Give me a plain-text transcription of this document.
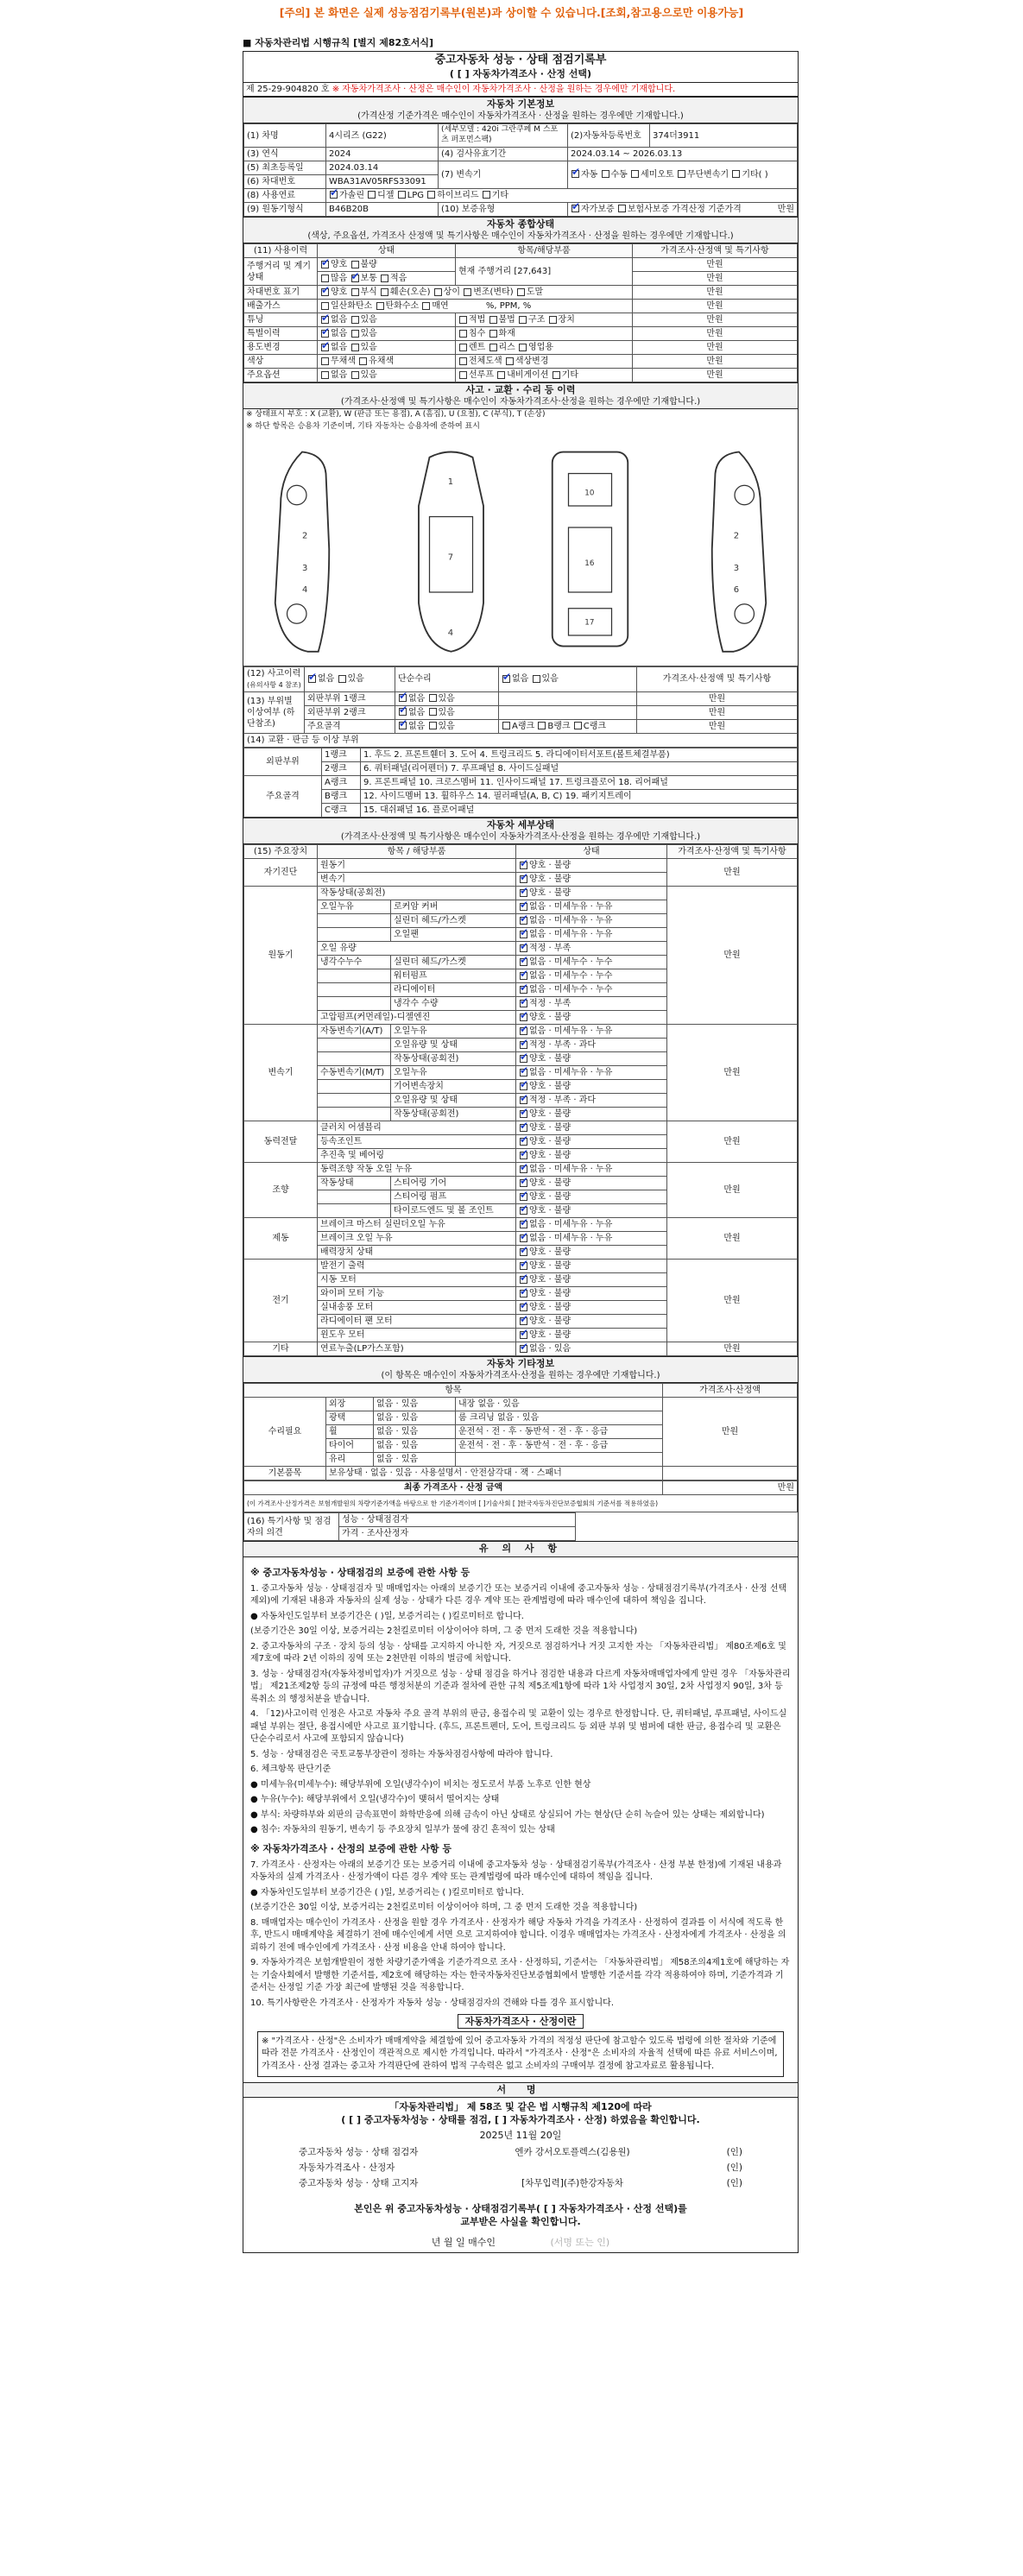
[주의] 본 화면은 실제 성능점검기록부(원본)과 상이할 수 있습니다.[조회,참고용으로만 이용가능]
■ 자동차관리법 시행규칙 [별지 제82호서식]
중고자동차 성능 · 상태 점검기록부
( [ ] 자동차가격조사 · 산정 선택)
제 25-29-904820 호 ※ 자동차가격조사 · 산정은 매수인이 자동차가격조사 · 산정을 원하는 경우에만 기재합니다.
자동차 기본정보
(가격산정 기준가격은 매수인이 자동차가격조사 · 산정을 원하는 경우에만 기재합니다.)
(1) 차명	4시리즈 (G22)	(세부모델 : 420i 그란쿠페 M 스포츠 퍼포먼스팩)	(2)자동차등록번호	374더3911
(3) 연식	2024	(4) 검사유효기간	2024.03.14 ~ 2026.03.13	
(5) 최초등록일	2024.03.14	(7) 변속기	✔자동 수동 세미오토 무단변속기 기타( )
(6) 차대번호	WBA31AV05RFS33091			
(8) 사용연료	✔가솔린 디젤 LPG 하이브리드 기타
(9) 원동기형식	B46B20B	(10) 보증유형	✔자가보증 보험사보증 가격산정 기준가격 만원
자동차 종합상태
(색상, 주요옵션, 가격조사 산정액 및 특기사항은 매수인이 자동차가격조사 · 산정을 원하는 경우에만 기재합니다.)
(11) 사용이력	상태	항목/해당부품	가격조사·산정액 및 특기사항
주행거리 및 계기상태	✔양호 불량	현재 주행거리 [27,643]	만원
	많음 ✔ 보통 적음		만원
차대번호 표기	✔양호 부식 훼손(오손) 상이 변조(변타) 도말		만원
배출가스	일산화탄소 탄화수소 매연 %, PPM, %		만원
튜닝	✔없음 있음	적법 불법 구조 장치	만원
특별이력	✔없음 있음	침수 화재	만원
용도변경	✔없음 있음	렌트 리스 영업용	만원
색상	무채색 유채색	전체도색 색상변경	만원
주요옵션	없음 있음	선루프 내비게이션 기타	만원
사고 · 교환 · 수리 등 이력
(가격조사·산정액 및 특기사항은 매수인이 자동차가격조사·산정을 원하는 경우에만 기재합니다.)
※ 상태표시 부호 : X (교환), W (판금 또는 용접), A (흠집), U (요철), C (부식), T (손상)
※ 하단 항목은 승용차 기준이며, 기타 자동차는 승용차에 준하여 표시
2
3
4
1
7
4
10
16
17
2
3
6
(12) 사고이력 (유의사항 4 참조)	✔없음 있음	단순수리	✔없음 있음	가격조사·산정액 및 특기사항
(13) 부위별 이상여부 (하단참조)	외판부위 1랭크	✔없음 있음		만원
	외판부위 2랭크	✔없음 있음		만원
	주요골격	✔없음 있음	A랭크 B랭크 C랭크	만원
(14) 교환 · 판금 등 이상 부위				
외판부위	1랭크	1. 후드 2. 프론트휀더 3. 도어 4. 트렁크리드 5. 라디에이터서포트(볼트체결부품)
	2랭크	6. 쿼터패널(리어펜더) 7. 루프패널 8. 사이드실패널
주요골격	A랭크	9. 프론트패널 10. 크로스멤버 11. 인사이드패널 17. 트렁크플로어 18. 리어패널
	B랭크	12. 사이드멤버 13. 휠하우스 14. 필러패널(A, B, C) 19. 패키지트레이
	C랭크	15. 대쉬패널 16. 플로어패널
자동차 세부상태
(가격조사·산정액 및 특기사항은 매수인이 자동차가격조사·산정을 원하는 경우에만 기재합니다.)
(15) 주요장치	항목 / 해당부품		상태	가격조사·산정액 및 특기사항
자기진단	원동기	✔양호 · 불량	만원
	변속기	✔양호 · 불량
원동기	작동상태(공회전)	✔양호 · 불량	만원
	오일누유	로커암 커버	✔없음 · 미세누유 · 누유
		실린더 헤드/가스켓	✔없음 · 미세누유 · 누유
		오일팬	✔없음 · 미세누유 · 누유
	오일 유량	✔적정 · 부족
	냉각수누수	실린더 헤드/가스켓	✔없음 · 미세누수 · 누수
		워터펌프	✔없음 · 미세누수 · 누수
		라디에이터	✔없음 · 미세누수 · 누수
		냉각수 수량	✔적정 · 부족
	고압펌프(커먼레일)-디젤엔진	✔양호 · 불량
변속기	자동변속기(A/T)	오일누유	✔없음 · 미세누유 · 누유	만원
		오일유량 및 상태	✔적정 · 부족 · 과다
		작동상태(공회전)	✔양호 · 불량
	수동변속기(M/T)	오일누유	✔없음 · 미세누유 · 누유
		기어변속장치	✔양호 · 불량
		오일유량 및 상태	✔적정 · 부족 · 과다
		작동상태(공회전)	✔양호 · 불량
동력전달	클러치 어셈블리	✔양호 · 불량	만원
	등속조인트	✔양호 · 불량
	추진축 및 베어링	✔양호 · 불량
조향	동력조향 작동 오일 누유	✔없음 · 미세누유 · 누유	만원
	작동상태	스티어링 기어	✔양호 · 불량
		스티어링 펌프	✔양호 · 불량
		타이로드엔드 및 볼 조인트	✔양호 · 불량
제동	브레이크 마스터 실린더오일 누유	✔없음 · 미세누유 · 누유	만원
	브레이크 오일 누유	✔없음 · 미세누유 · 누유
	배력장치 상태	✔양호 · 불량
전기	발전기 출력	✔양호 · 불량	만원
	시동 모터	✔양호 · 불량
	와이퍼 모터 기능	✔양호 · 불량
	실내송풍 모터	✔양호 · 불량
	라디에이터 팬 모터	✔양호 · 불량
	윈도우 모터	✔양호 · 불량
기타	연료누출(LP가스포함)	✔없음 · 있음	만원
자동차 기타정보
(이 항목은 매수인이 자동차가격조사·산정을 원하는 경우에만 기재합니다.)
항목				가격조사·산정액
수리필요	외장	없음 · 있음	내장 없음 · 있음	만원
	광택	없음 · 있음	룸 크리닝 없음 · 있음	
	휠	없음 · 있음	운전석 · 전 · 후 · 동반석 · 전 · 후 · 응급	
	타이어	없음 · 있음	운전석 · 전 · 후 · 동반석 · 전 · 후 · 응급	
	유리	없음 · 있음		
기본품목	보유상태 · 없음 · 있음 · 사용설명서 · 안전삼각대 · 잭 · 스패너			
최종 가격조사 · 산정 금액	만원
(이 가격조사·산정가격은 보험개발원의 차량기준가액을 바탕으로 한 기준가격이며 [ ]기술사회 [ ]한국자동차진단보증협회의 기준서를 적용하였음)
(16) 특기사항 및 점검자의 의견	성능 · 상태점검자
가격 · 조사산정자
유 의 사 항
※ 중고자동차성능 · 상태점검의 보증에 관한 사항 등

1. 중고자동차 성능 · 상태점검자 및 매매업자는 아래의 보증기간 또는 보증거리 이내에 중고자동차 성능 · 상태점검기록부(가격조사 · 산정 선택 제외)에 기재된 내용과 자동차의 실제 성능 · 상태가 다른 경우 계약 또는 관계법령에 따라 매수인에 대하여 책임을 집니다.

● 자동차인도일부터 보증기간은 ( )일, 보증거리는 ( )킬로미터로 합니다.

(보증기간은 30일 이상, 보증거리는 2천킬로미터 이상이어야 하며, 그 중 먼저 도래한 것을 적용합니다)

2. 중고자동차의 구조 · 장치 등의 성능 · 상태를 고지하지 아니한 자, 거짓으로 점검하거나 거짓 고지한 자는 「자동차관리법」 제80조제6호 및 제7호에 따라 2년 이하의 징역 또는 2천만원 이하의 벌금에 처합니다.

3. 성능 · 상태점검자(자동차정비업자)가 거짓으로 성능 · 상태 점검을 하거나 점검한 내용과 다르게 자동차매매업자에게 알린 경우 「자동차관리법」 제21조제2항 등의 규정에 따른 행정처분의 기준과 절차에 관한 규칙 제5조제1항에 따라 1차 사업정지 30일, 2차 사업정지 90일, 3차 등록취소 의 행정처분을 받습니다.

4. 「12)사고이력 인정은 사고로 자동차 주요 골격 부위의 판금, 용접수리 및 교환이 있는 경우로 한정합니다. 단, 쿼터패널, 루프패널, 사이드실패널 부위는 절단, 용접시에만 사고로 표기합니다. (후드, 프론트펜더, 도어, 트렁크리드 등 외판 부위 및 범퍼에 대한 판금, 용접수리 및 교환은 단순수리로서 사고에 포함되지 않습니다)

5. 성능 · 상태점검은 국토교통부장관이 정하는 자동차점검사항에 따라야 합니다.

6. 체크항목 판단기준

● 미세누유(미세누수): 해당부위에 오일(냉각수)이 비치는 정도로서 부품 노후로 인한 현상

● 누유(누수): 해당부위에서 오일(냉각수)이 맺혀서 떨어지는 상태

● 부식: 차량하부와 외판의 금속표면이 화학반응에 의해 금속이 아닌 상태로 상실되어 가는 현상(단 순히 녹슬어 있는 상태는 제외합니다)

● 침수: 자동차의 원동기, 변속기 등 주요장치 일부가 물에 잠긴 흔적이 있는 상태

※ 자동차가격조사 · 산정의 보증에 관한 사항 등

7. 가격조사 · 산정자는 아래의 보증기간 또는 보증거리 이내에 중고자동차 성능 · 상태점검기록부(가격조사 · 산정 부분 한정)에 기재된 내용과 자동차의 실제 가격조사 · 산정가액이 다른 경우 계약 또는 관계법령에 따라 매수인에 대하여 책임을 집니다.

● 자동차인도일부터 보증기간은 ( )일, 보증거리는 ( )킬로미터로 합니다.

(보증기간은 30일 이상, 보증거리는 2천킬로미터 이상이어야 하며, 그 중 먼저 도래한 것을 적용합니다)

8. 매매업자는 매수인이 가격조사 · 산정을 원할 경우 가격조사 · 산정자가 해당 자동차 가격을 가격조사 · 산정하여 결과를 이 서식에 적도록 한 후, 반드시 매매계약을 체결하기 전에 매수인에게 서면 으로 고지하여야 합니다. 이경우 매매업자는 가격조사 · 산정자에게 가격조사 · 산정을 의뢰하기 전에 매수인에게 가격조사 · 산정 비용을 안내 하여야 합니다.

9. 자동차가격은 보험개발원이 정한 차량기준가액을 기준가격으로 조사 · 산정하되, 기준서는 「자동차관리법」 제58조의4제1호에 해당하는 자는 기술사회에서 발행한 기준서를, 제2호에 해당하는 자는 한국자동차진단보증협회에서 발행한 기준서를 각각 적용하여야 하며, 기준가격과 기준서는 산정일 기준 가장 최근에 발행된 것을 적용합니다.

10. 특기사항란은 가격조사 · 산정자가 자동차 성능 · 상태점검자의 견해와 다를 경우 표시합니다.

자동차가격조사 · 산정이란
※ "가격조사 · 산정"은 소비자가 매매계약을 체결함에 있어 중고자동차 가격의 적정성 판단에 참고할수 있도록 법령에 의한 절차와 기준에 따라 전문 가격조사 · 산정인이 객관적으로 제시한 가격입니다. 따라서 "가격조사 · 산정"은 소비자의 자율적 선택에 따른 유료 서비스이며, 가격조사 · 산정 결과는 중고차 가격판단에 관하여 법적 구속력은 없고 소비자의 구매여부 결정에 참고자료로 활용됩니다.
서 명
「자동차관리법」 제 58조 및 같은 법 시행규칙 제120에 따라
( [ ] 중고자동차성능 · 상태를 점검, [ ] 자동차가격조사 · 산정) 하였음을 확인합니다.
2025년 11월 20일
중고자동차 성능 · 상태 점검자	엔카 강서오토플렉스(김용원)	(인)
자동차가격조사 · 산정자	(인)
중고자동차 성능 · 상태 고지자	[차무입력](주)한강자동차	(인)
본인은 위 중고자동차성능 · 상태점검기록부( [ ] 자동차가격조사 · 산정 선택)를
교부받은 사실을 확인합니다.
년 월 일 매수인	(서명 또는 인)
